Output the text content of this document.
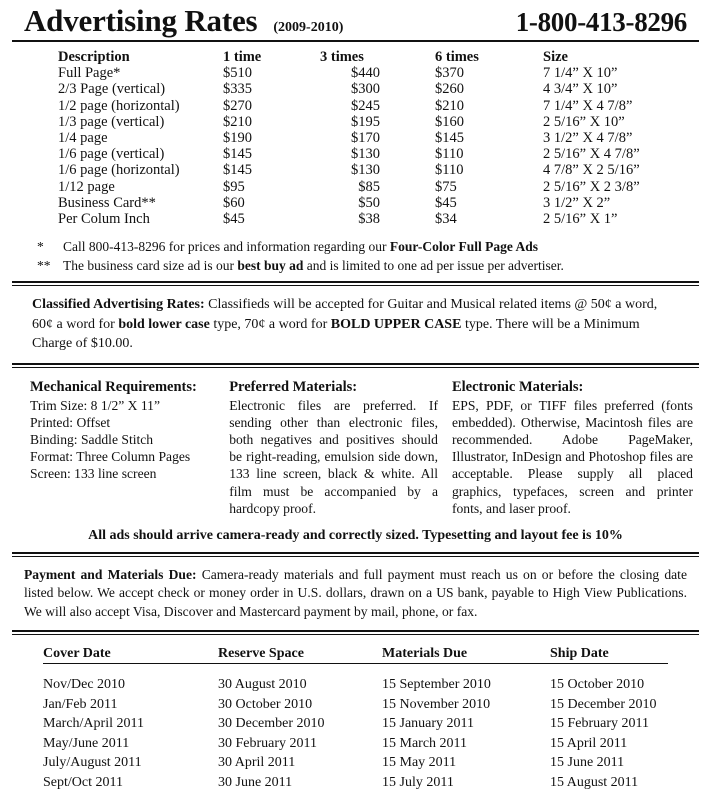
Advertising Rates (2009-2010)	1-800-413-8296
Description	1 time	3 times	6 times	Size
Full Page*	$510	$440	$370	7 1/4” X 10”
2/3 Page (vertical)	$335	$300	$260	4 3/4” X 10”
1/2 page (horizontal)	$270	$245	$210	7 1/4” X 4 7/8”
1/3 page (vertical)	$210	$195	$160	2 5/16” X 10”
1/4 page	$190	$170	$145	3 1/2” X 4 7/8”
1/6 page (vertical)	$145	$130	$110	2 5/16” X 4 7/8”
1/6 page (horizontal)	$145	$130	$110	4 7/8” X 2 5/16”
1/12 page	$95	$85	$75	2 5/16” X 2 3/8”
Business Card**	$60	$50	$45	3 1/2” X 2”
Per Colum Inch	$45	$38	$34	2 5/16” X 1”
*	Call 800-413-8296 for prices and information regarding our Four-Color Full Page Ads
** The business card size ad is our best buy ad and is limited to one ad per issue per advertiser.
Classified Advertising Rates: Classifieds will be accepted for Guitar and Musical related items @ 50¢ a word, 60¢ a word for bold lower case type, 70¢ a word for BOLD UPPER CASE type. There will be a Minimum Charge of $10.00.
Mechanical Requirements:
Trim Size: 8 1/2” X 11”
Printed: Offset
Binding: Saddle Stitch
Format: Three Column Pages
Screen: 133 line screen
Preferred Materials:
Electronic files are preferred. If sending other than electronic files, both negatives and positives should be right-reading, emulsion side down, 133 line screen, black & white. All film must be accompanied by a hardcopy proof.
Electronic Materials:
EPS, PDF, or TIFF files preferred (fonts embedded). Otherwise, Macintosh files are recommended. Adobe PageMaker, Illustrator, InDesign and Photoshop files are acceptable. Please supply all placed graphics, typefaces, screen and printer fonts, and laser proof.
All ads should arrive camera-ready and correctly sized. Typesetting and layout fee is 10%
Payment and Materials Due: Camera-ready materials and full payment must reach us on or before the closing date listed below. We accept check or money order in U.S. dollars, drawn on a US bank, payable to High View Publications. We will also accept Visa, Discover and Mastercard payment by mail, phone, or fax.
Cover Date	Reserve Space	Materials Due	Ship Date
Nov/Dec 2010	30 August 2010	15 September 2010	15 October 2010
Jan/Feb 2011	30 October 2010	15 November 2010	15 December 2010
March/April 2011	30 December 2010	15 January 2011	15 February 2011
May/June 2011	30 February 2011	15 March 2011	15 April 2011
July/August 2011	30 April 2011	15 May 2011	15 June 2011
Sept/Oct 2011	30 June 2011	15 July 2011	15 August 2011
